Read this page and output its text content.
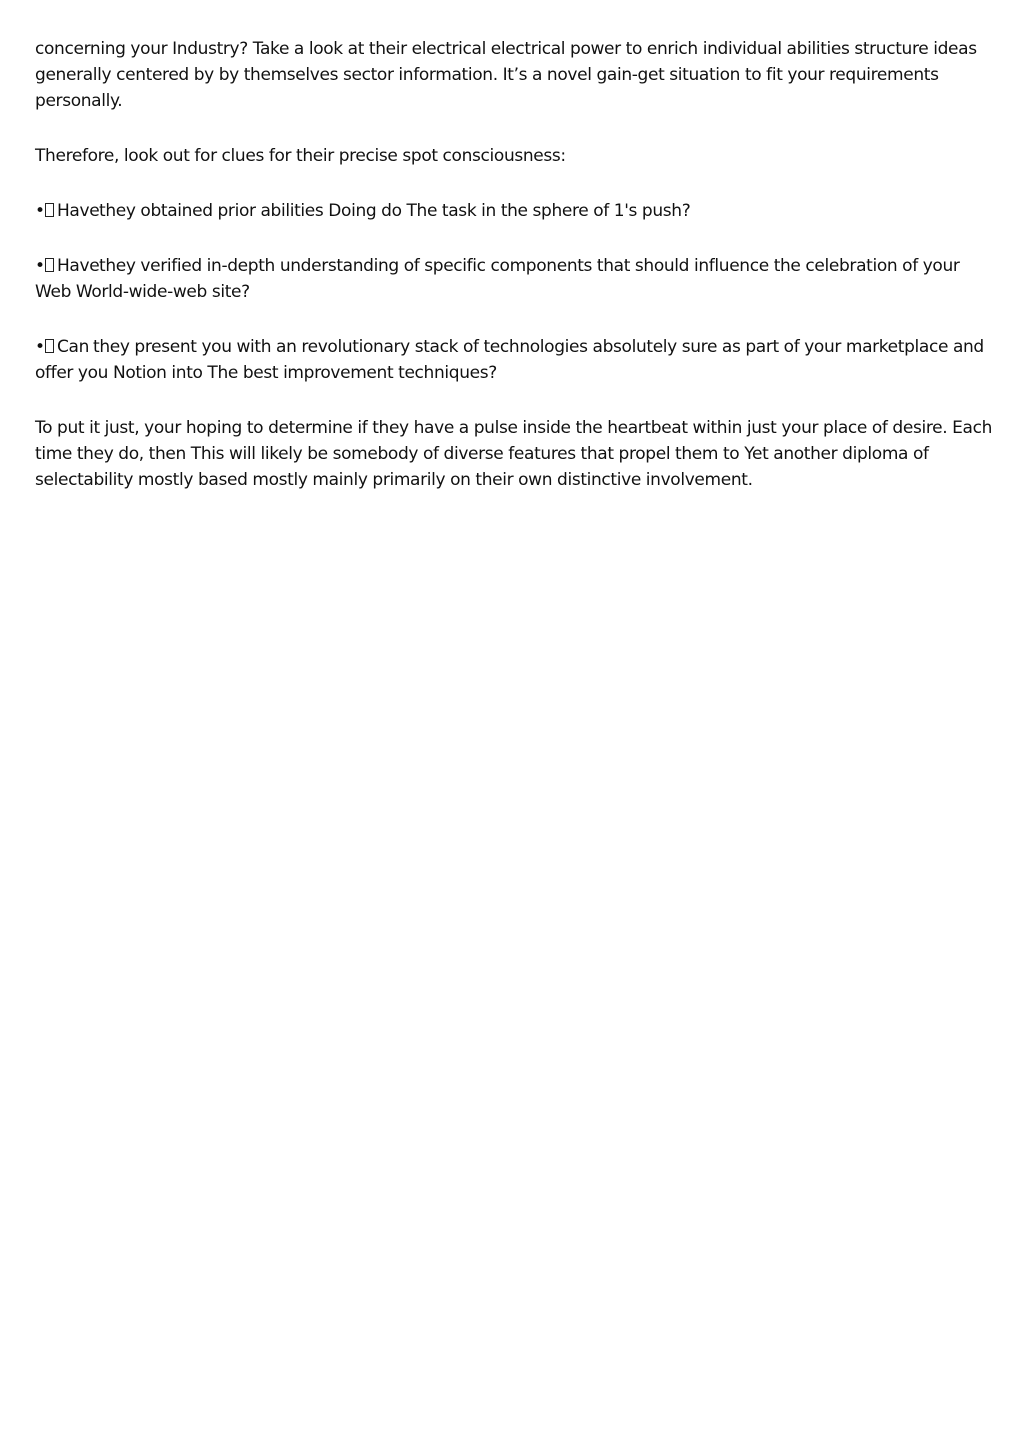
concerning your Industry? Take a look at their electrical electrical power to enrich individual abilities structure ideas generally centered by by themselves sector information. It’s a novel gain-get situation to fit your requirements personally.

Therefore, look out for clues for their precise spot consciousness:

• Havethey obtained prior abilities Doing do The task in the sphere of 1's push?

• Havethey verified in-depth understanding of specific components that should influence the celebration of your Web World-wide-web site?

• Can they present you with an revolutionary stack of technologies absolutely sure as part of your marketplace and offer you Notion into The best improvement techniques?

To put it just, your hoping to determine if they have a pulse inside the heartbeat within just your place of desire. Each time they do, then This will likely be somebody of diverse features that propel them to Yet another diploma of selectability mostly based mostly mainly primarily on their own distinctive involvement.
